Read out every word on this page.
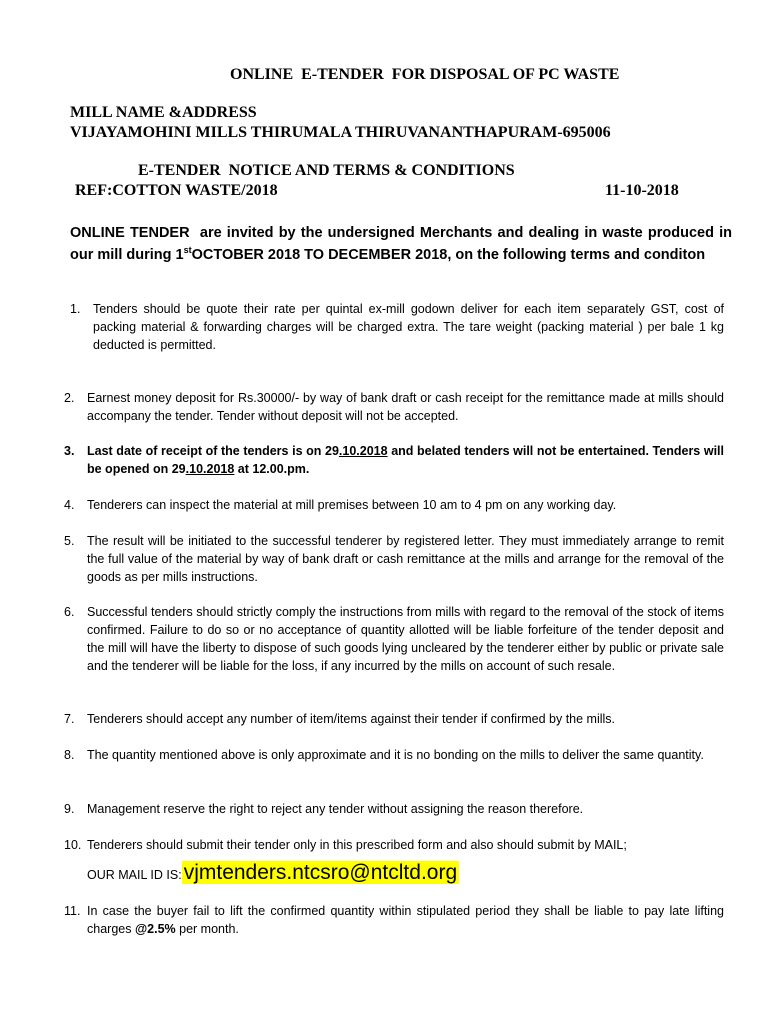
ONLINE  E-TENDER  FOR DISPOSAL OF PC WASTE
MILL NAME &ADDRESS
VIJAYAMOHINI MILLS THIRUMALA THIRUVANANTHAPURAM-695006
E-TENDER  NOTICE AND TERMS & CONDITIONS
REF:COTTON WASTE/2018	11-10-2018
ONLINE TENDER  are invited by the undersigned Merchants and dealing in waste produced in our mill during 1stOCTOBER 2018 TO DECEMBER 2018, on the following terms and conditon
1. Tenders should be quote their rate per quintal ex-mill godown deliver for each item separately GST, cost of packing material & forwarding charges will be charged extra. The tare weight (packing material ) per bale 1 kg deducted is permitted.
2. Earnest money deposit for Rs.30000/- by way of bank draft or cash receipt for the remittance made at mills should accompany the tender. Tender without deposit will not be accepted.
3. Last date of receipt of the tenders is on 29.10.2018 and belated tenders will not be entertained. Tenders will be opened on 29.10.2018 at 12.00.pm.
4. Tenderers can inspect the material at mill premises between 10 am to 4 pm on any working day.
5. The result will be initiated to the successful tenderer by registered letter. They must immediately arrange to remit the full value of the material by way of bank draft or cash remittance at the mills and arrange for the removal of the goods as per mills instructions.
6. Successful tenders should strictly comply the instructions from mills with regard to the removal of the stock of items confirmed. Failure to do so or no acceptance of quantity allotted will be liable forfeiture of the tender deposit and the mill will have the liberty to dispose of such goods lying uncleared by the tenderer either by public or private sale and the tenderer will be liable for the loss, if any incurred by the mills on account of such resale.
7. Tenderers should accept any number of item/items against their tender if confirmed by the mills.
8. The quantity mentioned above is only approximate and it is no bonding on the mills to deliver the same quantity.
9. Management reserve the right to reject any tender without assigning the reason therefore.
10. Tenderers should submit their tender only in this prescribed form and also should submit by MAIL;
OUR MAIL ID IS:vjmtenders.ntcsro@ntcltd.org
11. In case the buyer fail to lift the confirmed quantity within stipulated period they shall be liable to pay late lifting charges @2.5% per month.
